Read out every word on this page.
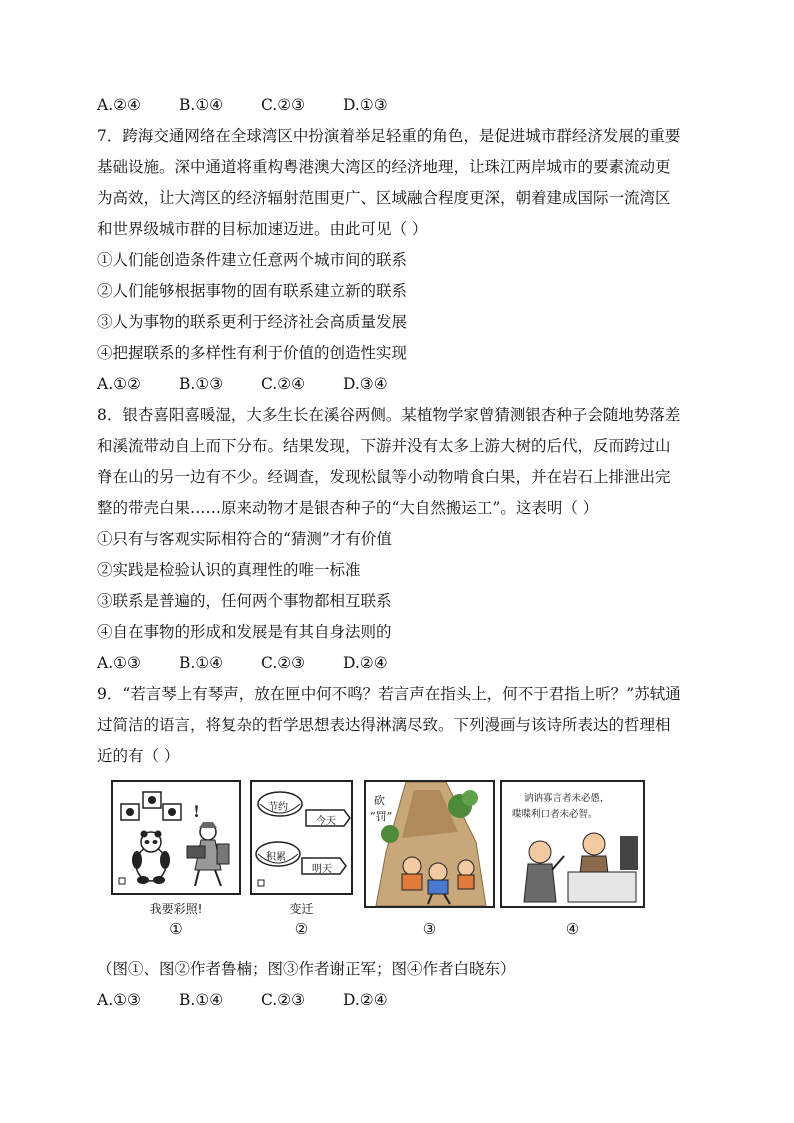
A.②④	B.①④	C.②③	D.①③
7．跨海交通网络在全球湾区中扮演着举足轻重的角色，是促进城市群经济发展的重要
基础设施。深中通道将重构粤港澳大湾区的经济地理，让珠江两岸城市的要素流动更
为高效，让大湾区的经济辐射范围更广、区域融合程度更深，朝着建成国际一流湾区
和世界级城市群的目标加速迈进。由此可见（ ）
①人们能创造条件建立任意两个城市间的联系
②人们能够根据事物的固有联系建立新的联系
③人为事物的联系更利于经济社会高质量发展
④把握联系的多样性有利于价值的创造性实现
A.①②	B.①③	C.②④	D.③④
8．银杏喜阳喜暖湿，大多生长在溪谷两侧。某植物学家曾猜测银杏种子会随地势落差
和溪流带动自上而下分布。结果发现，下游并没有太多上游大树的后代，反而跨过山
脊在山的另一边有不少。经调查，发现松鼠等小动物啃食白果，并在岩石上排泄出完
整的带壳白果……原来动物才是银杏种子的“大自然搬运工”。这表明（ ）
①只有与客观实际相符合的“猜测”才有价值
②实践是检验认识的真理性的唯一标准
③联系是普遍的，任何两个事物都相互联系
④自在事物的形成和发展是有其自身法则的
A.①③	B.①④	C.②③	D.②④
9．“若言琴上有琴声，放在匣中何不鸣？若言声在指头上，何不于君指上听？”苏轼通
过简洁的语言，将复杂的哲学思想表达得淋漓尽致。下列漫画与该诗所表达的哲理相
近的有（ ）
!
我要彩照!
①
节约
今天
积累
明天
变迁
②
砍
“罚”
③
讷讷寡言者未必愚，
喋喋利口者未必智。
④
（图①、图②作者鲁楠；图③作者谢正军；图④作者白晓东）
A.①③	B.①④	C.②③	D.②④
